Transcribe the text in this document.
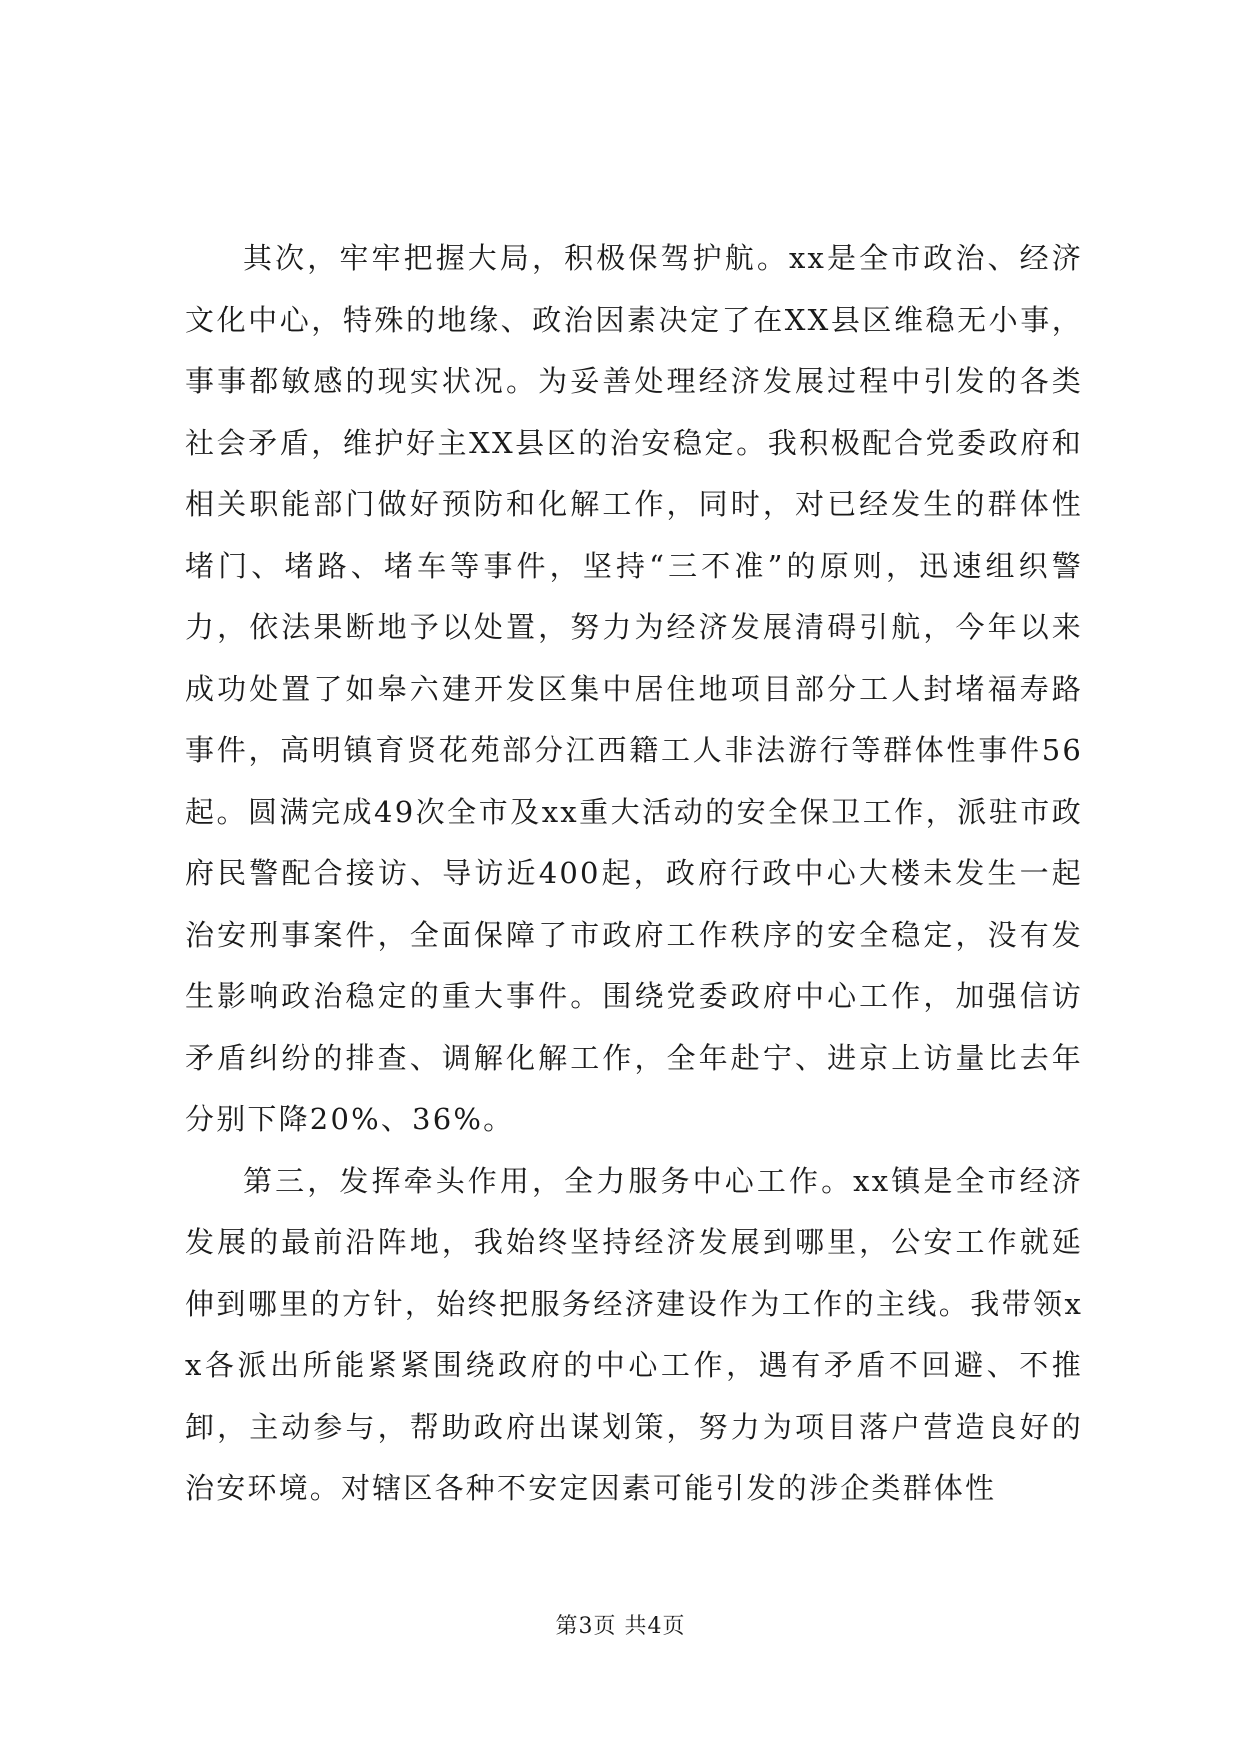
其次，牢牢把握大局，积极保驾护航。xx是全市政治、经济文化中心，特殊的地缘、政治因素决定了在XX县区维稳无小事，事事都敏感的现实状况。为妥善处理经济发展过程中引发的各类社会矛盾，维护好主XX县区的治安稳定。我积极配合党委政府和相关职能部门做好预防和化解工作，同时，对已经发生的群体性堵门、堵路、堵车等事件，坚持“三不准”的原则，迅速组织警力，依法果断地予以处置，努力为经济发展清碍引航，今年以来成功处置了如皋六建开发区集中居住地项目部分工人封堵福寿路事件，高明镇育贤花苑部分江西籍工人非法游行等群体性事件56起。圆满完成49次全市及xx重大活动的安全保卫工作，派驻市政府民警配合接访、导访近400起，政府行政中心大楼未发生一起治安刑事案件，全面保障了市政府工作秩序的安全稳定，没有发生影响政治稳定的重大事件。围绕党委政府中心工作，加强信访矛盾纠纷的排查、调解化解工作，全年赴宁、进京上访量比去年分别下降20%、36%。

第三，发挥牵头作用，全力服务中心工作。xx镇是全市经济发展的最前沿阵地，我始终坚持经济发展到哪里，公安工作就延伸到哪里的方针，始终把服务经济建设作为工作的主线。我带领xx各派出所能紧紧围绕政府的中心工作，遇有矛盾不回避、不推卸，主动参与，帮助政府出谋划策，努力为项目落户营造良好的治安环境。对辖区各种不安定因素可能引发的涉企类群体性

第3页 共4页
